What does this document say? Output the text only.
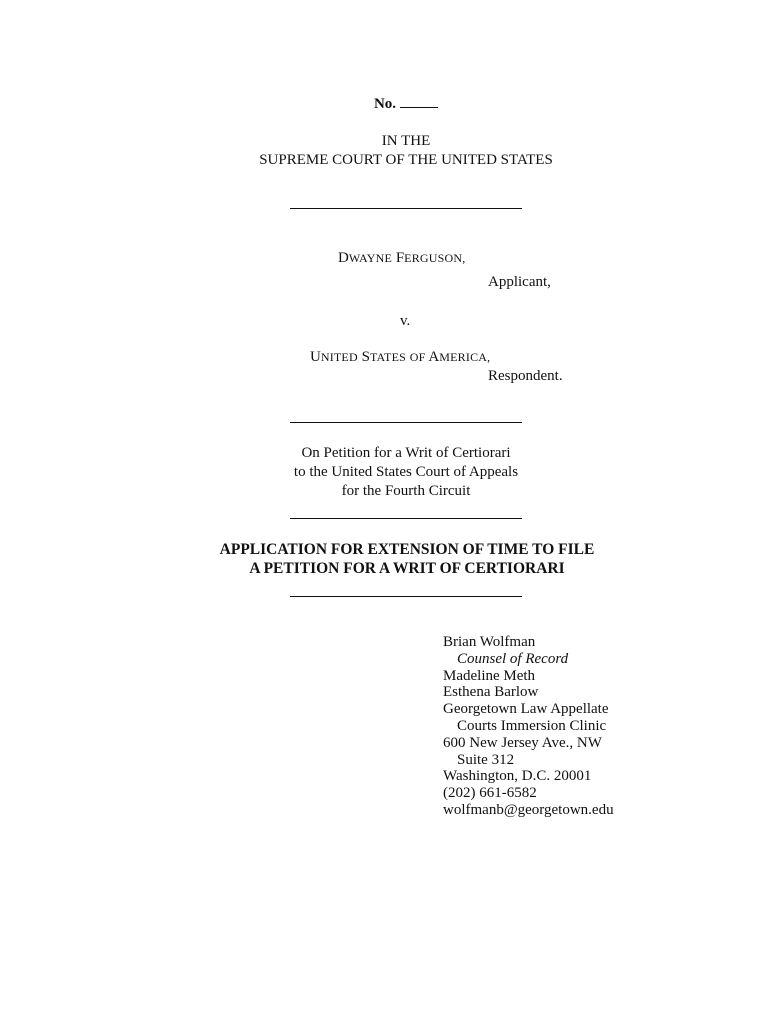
No.
IN THE
SUPREME COURT OF THE UNITED STATES
DWAYNE FERGUSON,
Applicant,
v.
UNITED STATES OF AMERICA,
Respondent.
On Petition for a Writ of Certiorari
to the United States Court of Appeals
for the Fourth Circuit
APPLICATION FOR EXTENSION OF TIME TO FILE
A PETITION FOR A WRIT OF CERTIORARI
Brian Wolfman
Counsel of Record
Madeline Meth
Esthena Barlow
Georgetown Law Appellate
Courts Immersion Clinic
600 New Jersey Ave., NW
Suite 312
Washington, D.C. 20001
(202) 661-6582
wolfmanb@georgetown.edu
